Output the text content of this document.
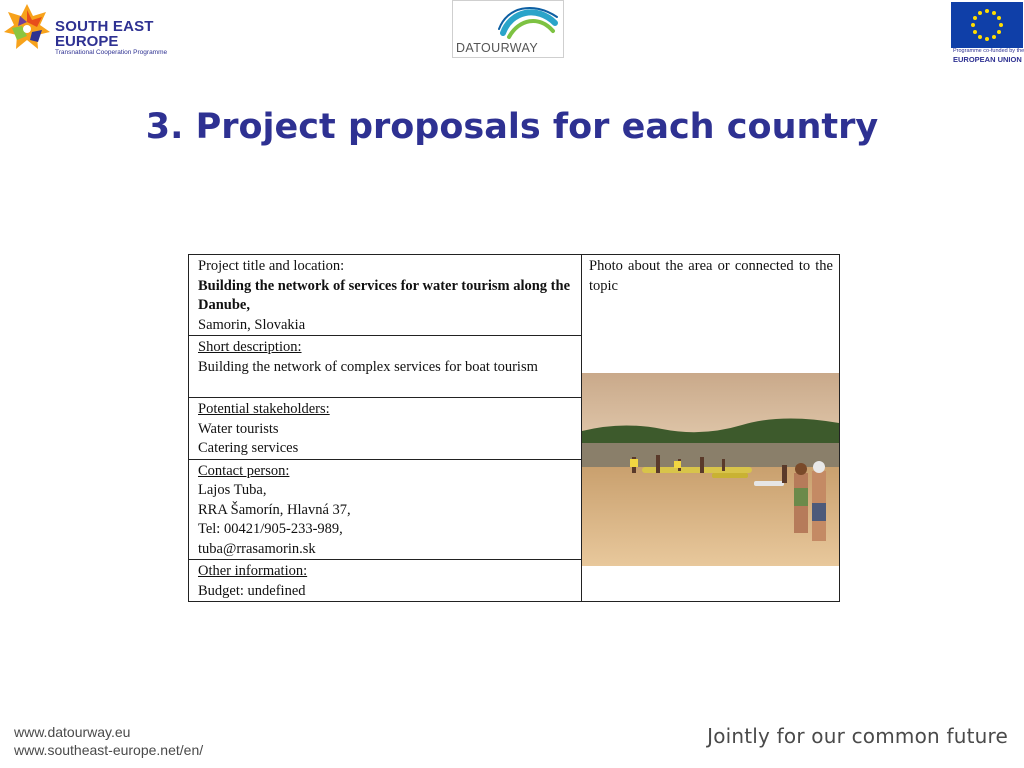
SOUTH EAST
EUROPE
Transnational Cooperation Programme	DATOURWAY	Programme co-funded by the
EUROPEAN UNION
3. Project proposals for each country
Project title and location:
Building the network of services for water tourism along the Danube,
Samorin, Slovakia

Photo about the area or connected to the topic

Short description:
Building the network of complex services for boat tourism

Potential stakeholders:
Water tourists
Catering services

Contact person:
Lajos Tuba,
RRA Šamorín, Hlavná 37,
Tel: 00421/905-233-989,
tuba@rrasamorin.sk

Other information:
Budget: undefined
www.datourway.eu
www.southeast-europe.net/en/
Jointly for our common future
